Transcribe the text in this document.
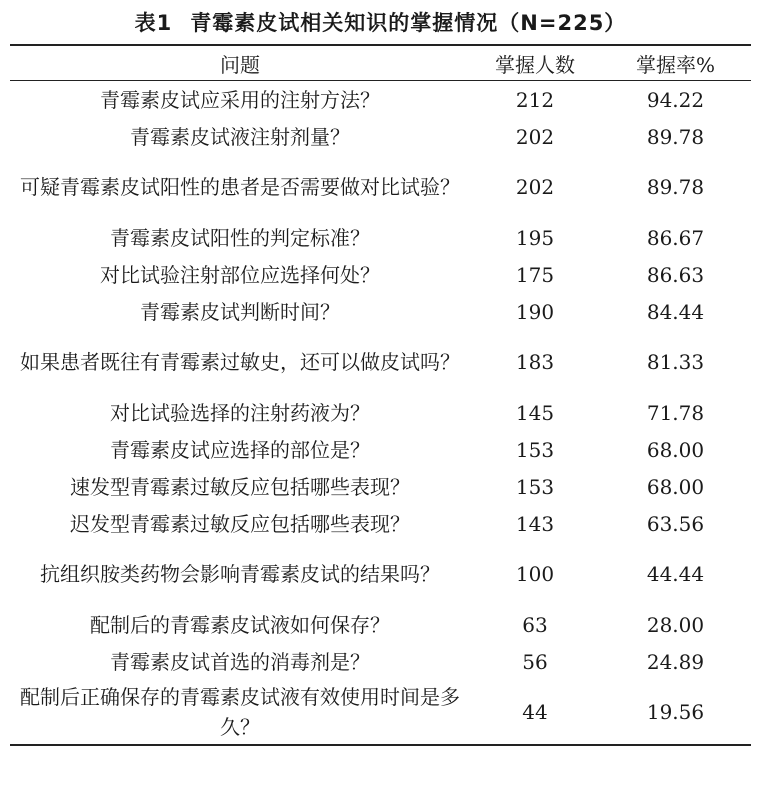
表1 青霉素皮试相关知识的掌握情况（N=225）
问题	掌握人数	掌握率%
青霉素皮试应采用的注射方法？	212	94.22
青霉素皮试液注射剂量？	202	89.78
可疑青霉素皮试阳性的患者是否需要做对比试验？	202	89.78
青霉素皮试阳性的判定标准？	195	86.67
对比试验注射部位应选择何处？	175	86.63
青霉素皮试判断时间？	190	84.44
如果患者既往有青霉素过敏史，还可以做皮试吗？	183	81.33
对比试验选择的注射药液为？	145	71.78
青霉素皮试应选择的部位是？	153	68.00
速发型青霉素过敏反应包括哪些表现？	153	68.00
迟发型青霉素过敏反应包括哪些表现？	143	63.56
抗组织胺类药物会影响青霉素皮试的结果吗？	100	44.44
配制后的青霉素皮试液如何保存？	63	28.00
青霉素皮试首选的消毒剂是？	56	24.89
配制后正确保存的青霉素皮试液有效使用时间是多久？	44	19.56
